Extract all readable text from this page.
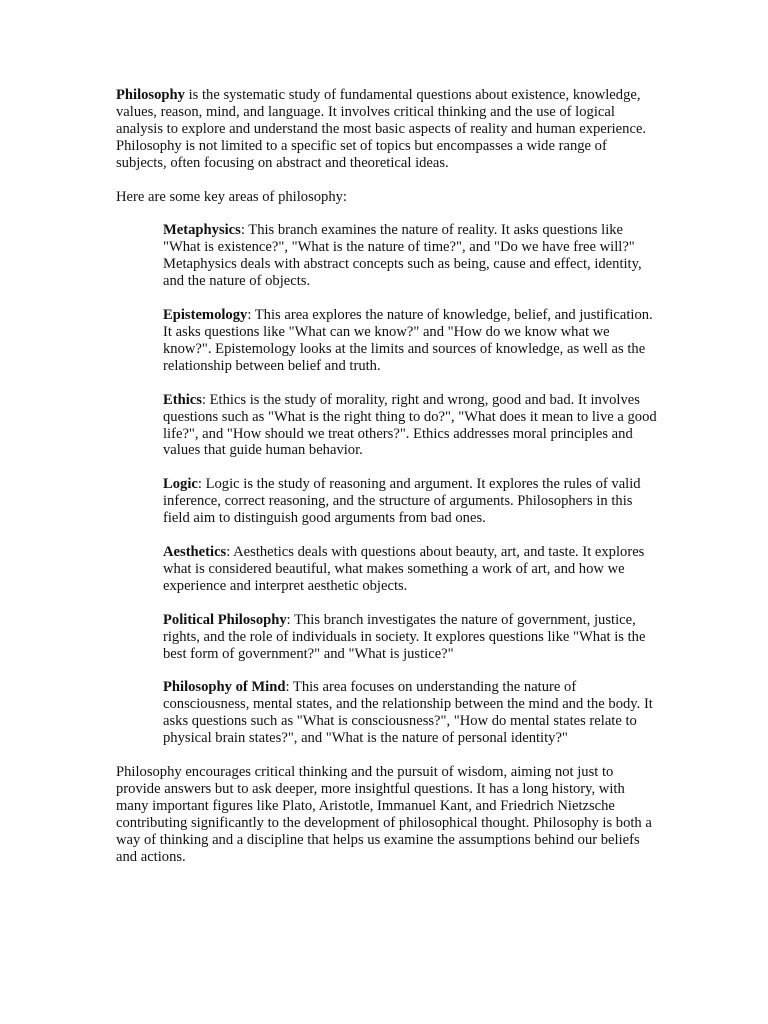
Philosophy is the systematic study of fundamental questions about existence, knowledge, values, reason, mind, and language. It involves critical thinking and the use of logical analysis to explore and understand the most basic aspects of reality and human experience. Philosophy is not limited to a specific set of topics but encompasses a wide range of subjects, often focusing on abstract and theoretical ideas.

Here are some key areas of philosophy:

Metaphysics: This branch examines the nature of reality. It asks questions like "What is existence?", "What is the nature of time?", and "Do we have free will?" Metaphysics deals with abstract concepts such as being, cause and effect, identity, and the nature of objects.

Epistemology: This area explores the nature of knowledge, belief, and justification. It asks questions like "What can we know?" and "How do we know what we know?". Epistemology looks at the limits and sources of knowledge, as well as the relationship between belief and truth.

Ethics: Ethics is the study of morality, right and wrong, good and bad. It involves questions such as "What is the right thing to do?", "What does it mean to live a good life?", and "How should we treat others?". Ethics addresses moral principles and values that guide human behavior.

Logic: Logic is the study of reasoning and argument. It explores the rules of valid inference, correct reasoning, and the structure of arguments. Philosophers in this field aim to distinguish good arguments from bad ones.

Aesthetics: Aesthetics deals with questions about beauty, art, and taste. It explores what is considered beautiful, what makes something a work of art, and how we experience and interpret aesthetic objects.

Political Philosophy: This branch investigates the nature of government, justice, rights, and the role of individuals in society. It explores questions like "What is the best form of government?" and "What is justice?"

Philosophy of Mind: This area focuses on understanding the nature of consciousness, mental states, and the relationship between the mind and the body. It asks questions such as "What is consciousness?", "How do mental states relate to physical brain states?", and "What is the nature of personal identity?"

Philosophy encourages critical thinking and the pursuit of wisdom, aiming not just to provide answers but to ask deeper, more insightful questions. It has a long history, with many important figures like Plato, Aristotle, Immanuel Kant, and Friedrich Nietzsche contributing significantly to the development of philosophical thought. Philosophy is both a way of thinking and a discipline that helps us examine the assumptions behind our beliefs and actions.
